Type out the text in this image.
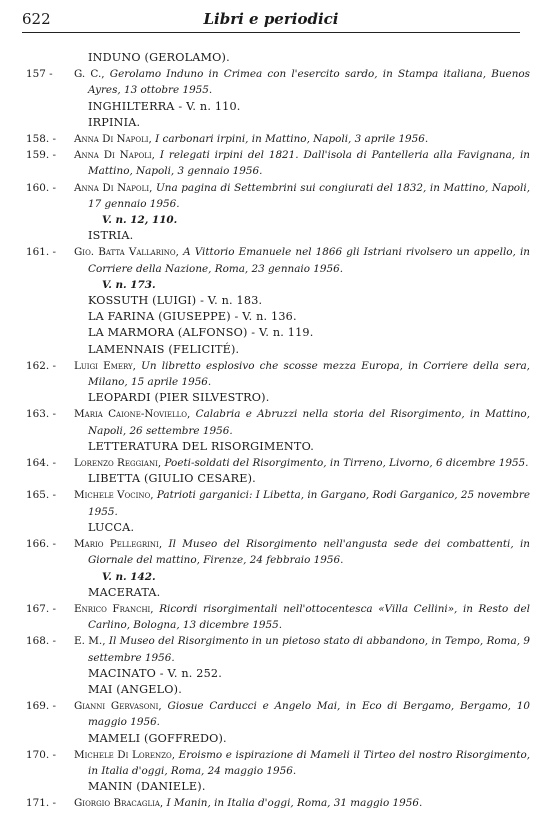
622	Libri e periodici
INDUNO (GEROLAMO).
157 -	G. C., Gerolamo Induno in Crimea con l'esercito sardo, in Stampa italiana, Buenos Ayres, 13 ottobre 1955.
INGHILTERRA - V. n. 110.
IRPINIA.
158. -	Anna Di Napoli, I carbonari irpini, in Mattino, Napoli, 3 aprile 1956.
159. -	Anna Di Napoli, I relegati irpini del 1821. Dall'isola di Pantelleria alla Favignana, in Mattino, Napoli, 3 gennaio 1956.
160. -	Anna Di Napoli, Una pagina di Settembrini sui congiurati del 1832, in Mattino, Napoli, 17 gennaio 1956.
V. n. 12, 110.
ISTRIA.
161. -	Gio. Batta Vallarino, A Vittorio Emanuele nel 1866 gli Istriani rivolsero un appello, in Corriere della Nazione, Roma, 23 gennaio 1956.
V. n. 173.
KOSSUTH (LUIGI) - V. n. 183.
LA FARINA (GIUSEPPE) - V. n. 136.
LA MARMORA (ALFONSO) - V. n. 119.
LAMENNAIS (FELICITÉ).
162. -	Luigi Emery, Un libretto esplosivo che scosse mezza Europa, in Corriere della sera, Milano, 15 aprile 1956.
LEOPARDI (PIER SILVESTRO).
163. -	Maria Caione-Noviello, Calabria e Abruzzi nella storia del Risorgimento, in Mattino, Napoli, 26 settembre 1956.
LETTERATURA DEL RISORGIMENTO.
164. -	Lorenzo Reggiani, Poeti-soldati del Risorgimento, in Tirreno, Livorno, 6 dicembre 1955.
LIBETTA (GIULIO CESARE).
165. -	Michele Vocino, Patrioti garganici: I Libetta, in Gargano, Rodi Garganico, 25 novembre 1955.
LUCCA.
166. -	Mario Pellegrini, Il Museo del Risorgimento nell'angusta sede dei combattenti, in Giornale del mattino, Firenze, 24 febbraio 1956.
V. n. 142.
MACERATA.
167. -	Enrico Franchi, Ricordi risorgimentali nell'ottocentesca «Villa Cellini», in Resto del Carlino, Bologna, 13 dicembre 1955.
168. -	E. M., Il Museo del Risorgimento in un pietoso stato di abbandono, in Tempo, Roma, 9 settembre 1956.
MACINATO - V. n. 252.
MAI (ANGELO).
169. -	Gianni Gervasoni, Giosue Carducci e Angelo Mai, in Eco di Bergamo, Bergamo, 10 maggio 1956.
MAMELI (GOFFREDO).
170. -	Michele Di Lorenzo, Eroismo e ispirazione di Mameli il Tirteo del nostro Risorgimento, in Italia d'oggi, Roma, 24 maggio 1956.
MANIN (DANIELE).
171. -	Giorgio Bracaglia, I Manin, in Italia d'oggi, Roma, 31 maggio 1956.
